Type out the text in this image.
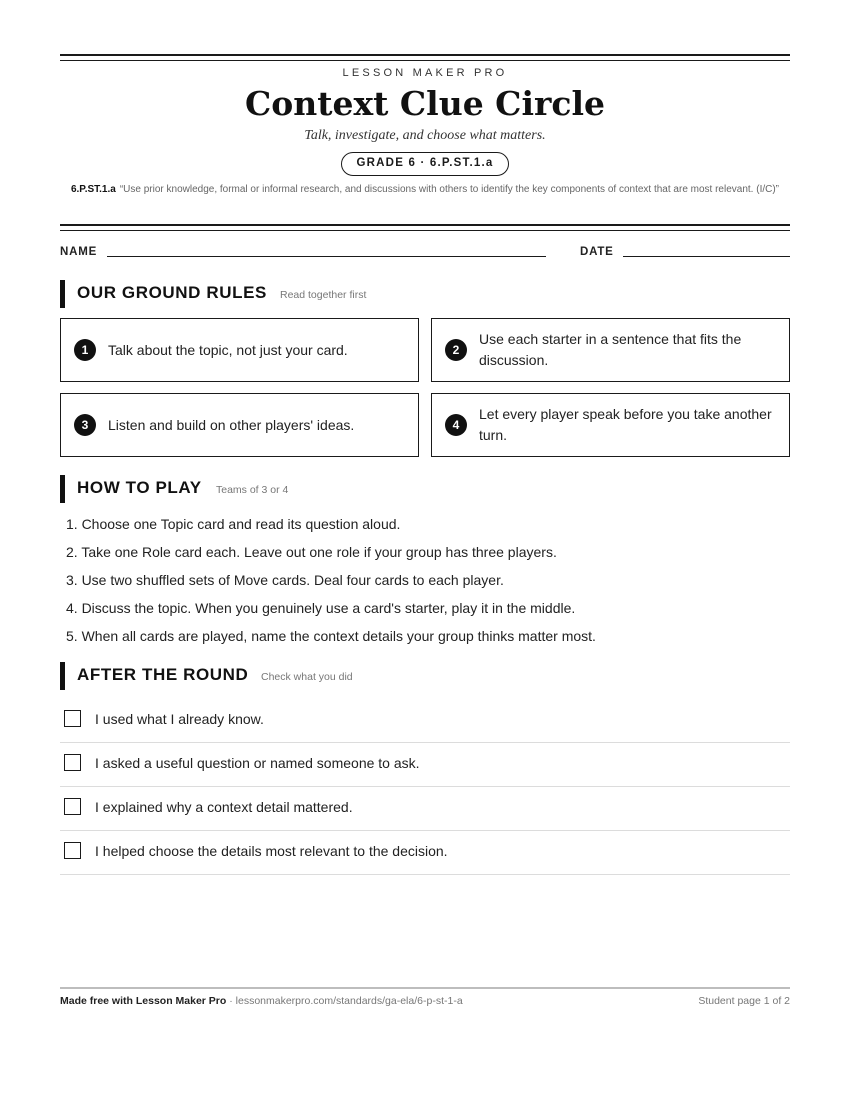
LESSON MAKER PRO
Context Clue Circle
Talk, investigate, and choose what matters.
GRADE 6 · 6.P.ST.1.a
6.P.ST.1.a “Use prior knowledge, formal or informal research, and discussions with others to identify the key components of context that are most relevant. (I/C)”
NAME	DATE
OUR GROUND RULES Read together first
1	Talk about the topic, not just your card.	2
Use each starter in a sentence that fits the discussion.
3	Listen and build on other players' ideas.	4
Let every player speak before you take another turn.
HOW TO PLAY Teams of 3 or 4
1. Choose one Topic card and read its question aloud.
2. Take one Role card each. Leave out one role if your group has three players.
3. Use two shuffled sets of Move cards. Deal four cards to each player.
4. Discuss the topic. When you genuinely use a card's starter, play it in the middle.
5. When all cards are played, name the context details your group thinks matter most.
AFTER THE ROUND Check what you did
I used what I already know.
I asked a useful question or named someone to ask.
I explained why a context detail mattered.
I helped choose the details most relevant to the decision.
Made free with Lesson Maker Pro · lessonmakerpro.com/standards/ga-ela/6-p-st-1-a	Student page 1 of 2
